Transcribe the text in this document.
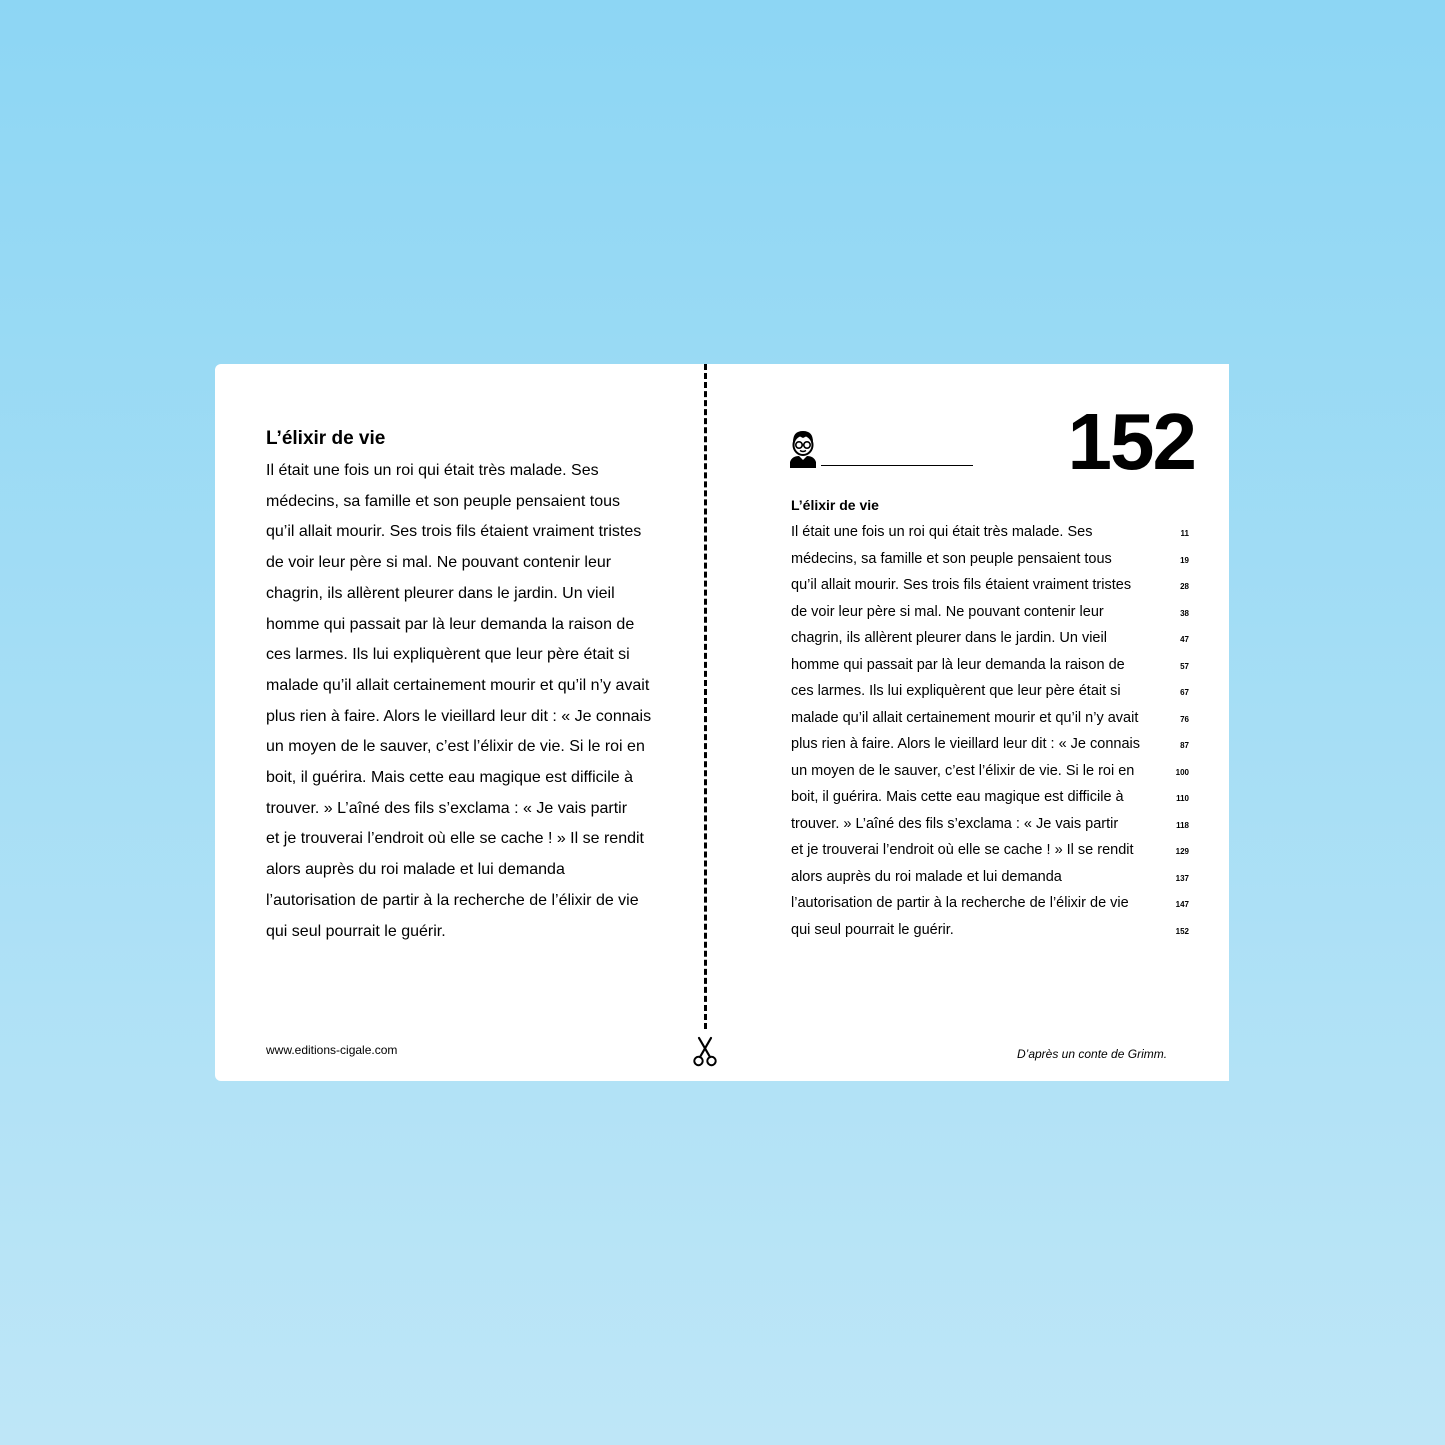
L’élixir de vie
Il était une fois un roi qui était très malade. Ses
médecins, sa famille et son peuple pensaient tous
qu’il allait mourir. Ses trois fils étaient vraiment tristes
de voir leur père si mal. Ne pouvant contenir leur
chagrin, ils allèrent pleurer dans le jardin. Un vieil
homme qui passait par là leur demanda la raison de
ces larmes. Ils lui expliquèrent que leur père était si
malade qu’il allait certainement mourir et qu’il n’y avait
plus rien à faire. Alors le vieillard leur dit : « Je connais
un moyen de le sauver, c’est l’élixir de vie. Si le roi en
boit, il guérira. Mais cette eau magique est difficile à
trouver. » L’aîné des fils s’exclama : « Je vais partir
et je trouverai l’endroit où elle se cache ! » Il se rendit
alors auprès du roi malade et lui demanda
l’autorisation de partir à la recherche de l’élixir de vie
qui seul pourrait le guérir.
www.editions-cigale.com
152
L’élixir de vie
Il était une fois un roi qui était très malade. Ses	11
médecins, sa famille et son peuple pensaient tous	19
qu’il allait mourir. Ses trois fils étaient vraiment tristes	28
de voir leur père si mal. Ne pouvant contenir leur	38
chagrin, ils allèrent pleurer dans le jardin. Un vieil	47
homme qui passait par là leur demanda la raison de	57
ces larmes. Ils lui expliquèrent que leur père était si	67
malade qu’il allait certainement mourir et qu’il n’y avait	76
plus rien à faire. Alors le vieillard leur dit : « Je connais	87
un moyen de le sauver, c’est l’élixir de vie. Si le roi en	100
boit, il guérira. Mais cette eau magique est difficile à	110
trouver. » L’aîné des fils s’exclama : « Je vais partir	118
et je trouverai l’endroit où elle se cache ! » Il se rendit	129
alors auprès du roi malade et lui demanda	137
l’autorisation de partir à la recherche de l’élixir de vie	147
qui seul pourrait le guérir.	152
D’après un conte de Grimm.
